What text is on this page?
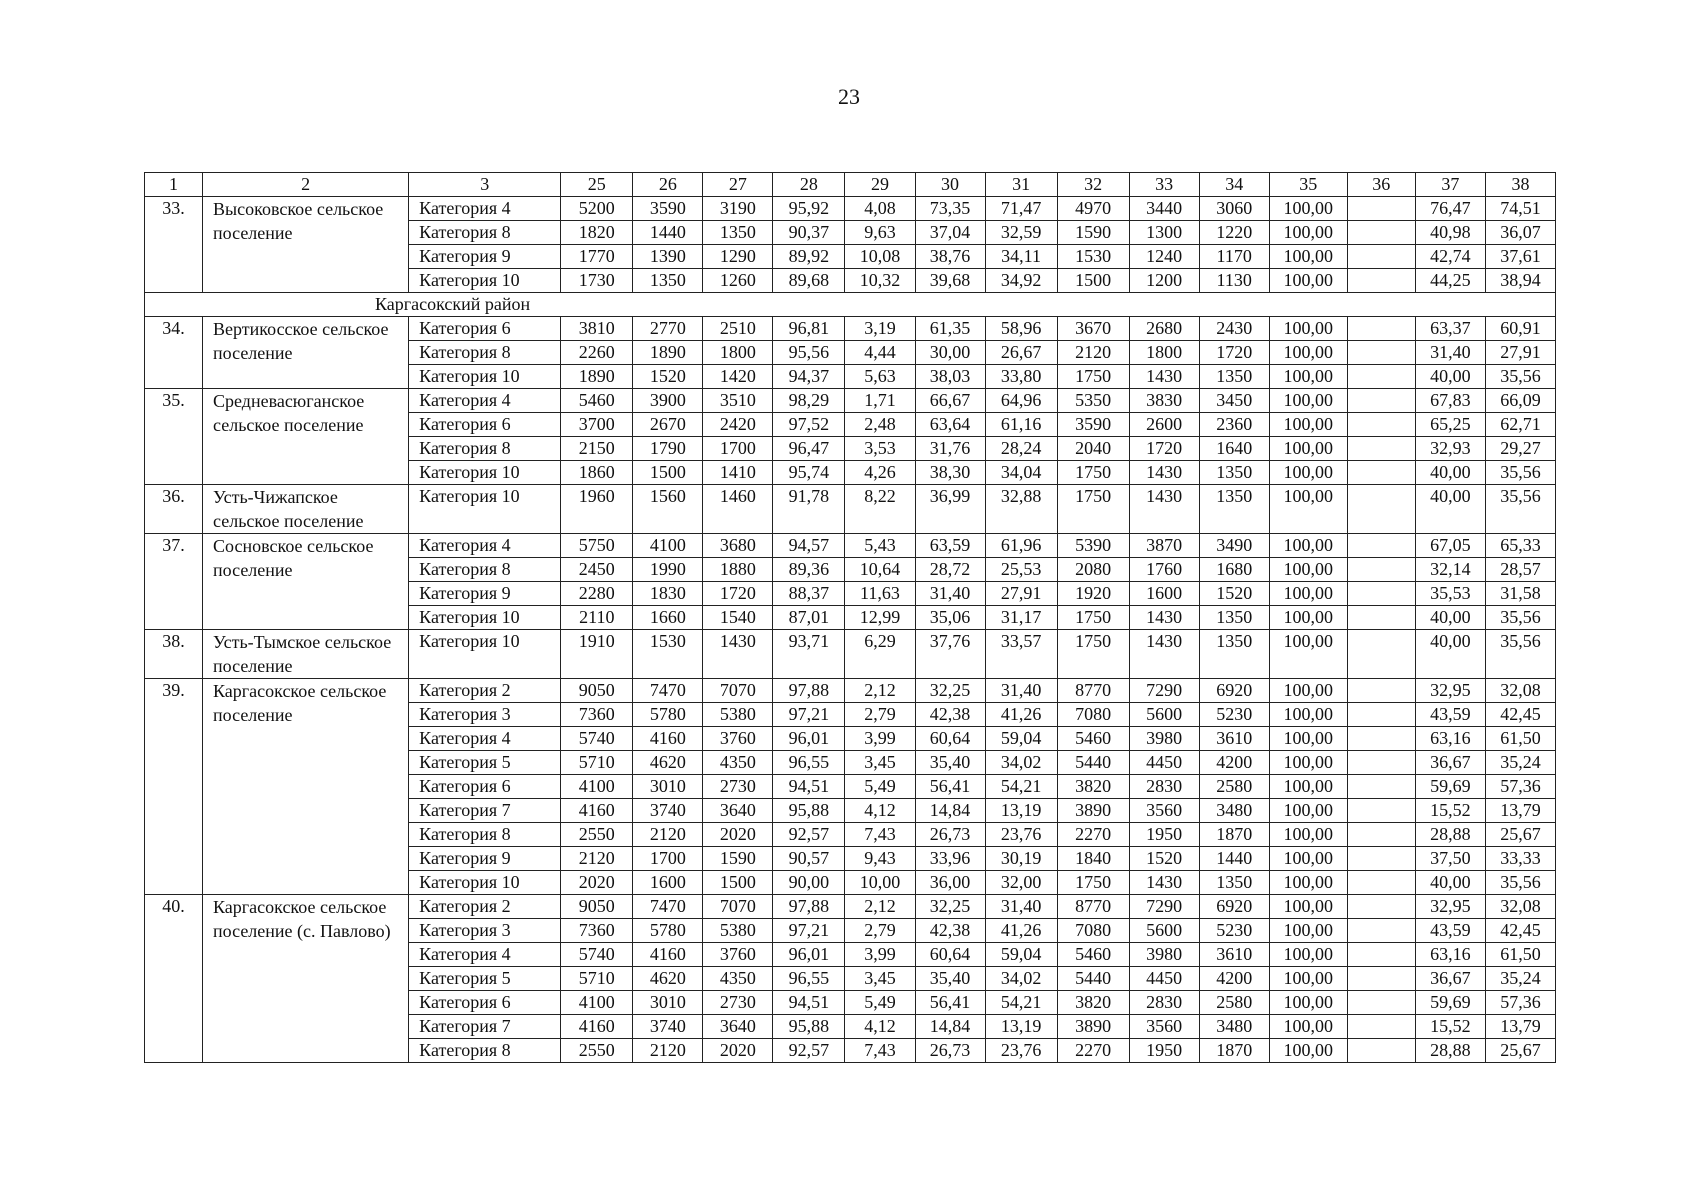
23
1	2	3	25	26	27	28	29	30	31	32	33	34	35	36	37	38
33.	Высоковское сельское поселение	Категория 4	5200	3590	3190	95,92	4,08	73,35	71,47	4970	3440	3060	100,00		76,47	74,51
		Категория 8	1820	1440	1350	90,37	9,63	37,04	32,59	1590	1300	1220	100,00		40,98	36,07
		Категория 9	1770	1390	1290	89,92	10,08	38,76	34,11	1530	1240	1170	100,00		42,74	37,61
		Категория 10	1730	1350	1260	89,68	10,32	39,68	34,92	1500	1200	1130	100,00		44,25	38,94
Каргасокский район																
34.	Вертикосское сельское поселение	Категория 6	3810	2770	2510	96,81	3,19	61,35	58,96	3670	2680	2430	100,00		63,37	60,91
		Категория 8	2260	1890	1800	95,56	4,44	30,00	26,67	2120	1800	1720	100,00		31,40	27,91
		Категория 10	1890	1520	1420	94,37	5,63	38,03	33,80	1750	1430	1350	100,00		40,00	35,56
35.	Средневасюганское сельское поселение	Категория 4	5460	3900	3510	98,29	1,71	66,67	64,96	5350	3830	3450	100,00		67,83	66,09
		Категория 6	3700	2670	2420	97,52	2,48	63,64	61,16	3590	2600	2360	100,00		65,25	62,71
		Категория 8	2150	1790	1700	96,47	3,53	31,76	28,24	2040	1720	1640	100,00		32,93	29,27
		Категория 10	1860	1500	1410	95,74	4,26	38,30	34,04	1750	1430	1350	100,00		40,00	35,56
36.	Усть-Чижапское сельское поселение	Категория 10	1960	1560	1460	91,78	8,22	36,99	32,88	1750	1430	1350	100,00		40,00	35,56
37.	Сосновское сельское поселение	Категория 4	5750	4100	3680	94,57	5,43	63,59	61,96	5390	3870	3490	100,00		67,05	65,33
		Категория 8	2450	1990	1880	89,36	10,64	28,72	25,53	2080	1760	1680	100,00		32,14	28,57
		Категория 9	2280	1830	1720	88,37	11,63	31,40	27,91	1920	1600	1520	100,00		35,53	31,58
		Категория 10	2110	1660	1540	87,01	12,99	35,06	31,17	1750	1430	1350	100,00		40,00	35,56
38.	Усть-Тымское сельское поселение	Категория 10	1910	1530	1430	93,71	6,29	37,76	33,57	1750	1430	1350	100,00		40,00	35,56
39.	Каргасокское сельское поселение	Категория 2	9050	7470	7070	97,88	2,12	32,25	31,40	8770	7290	6920	100,00		32,95	32,08
		Категория 3	7360	5780	5380	97,21	2,79	42,38	41,26	7080	5600	5230	100,00		43,59	42,45
		Категория 4	5740	4160	3760	96,01	3,99	60,64	59,04	5460	3980	3610	100,00		63,16	61,50
		Категория 5	5710	4620	4350	96,55	3,45	35,40	34,02	5440	4450	4200	100,00		36,67	35,24
		Категория 6	4100	3010	2730	94,51	5,49	56,41	54,21	3820	2830	2580	100,00		59,69	57,36
		Категория 7	4160	3740	3640	95,88	4,12	14,84	13,19	3890	3560	3480	100,00		15,52	13,79
		Категория 8	2550	2120	2020	92,57	7,43	26,73	23,76	2270	1950	1870	100,00		28,88	25,67
		Категория 9	2120	1700	1590	90,57	9,43	33,96	30,19	1840	1520	1440	100,00		37,50	33,33
		Категория 10	2020	1600	1500	90,00	10,00	36,00	32,00	1750	1430	1350	100,00		40,00	35,56
40.	Каргасокское сельское поселение (с. Павлово)	Категория 2	9050	7470	7070	97,88	2,12	32,25	31,40	8770	7290	6920	100,00		32,95	32,08
		Категория 3	7360	5780	5380	97,21	2,79	42,38	41,26	7080	5600	5230	100,00		43,59	42,45
		Категория 4	5740	4160	3760	96,01	3,99	60,64	59,04	5460	3980	3610	100,00		63,16	61,50
		Категория 5	5710	4620	4350	96,55	3,45	35,40	34,02	5440	4450	4200	100,00		36,67	35,24
		Категория 6	4100	3010	2730	94,51	5,49	56,41	54,21	3820	2830	2580	100,00		59,69	57,36
		Категория 7	4160	3740	3640	95,88	4,12	14,84	13,19	3890	3560	3480	100,00		15,52	13,79
		Категория 8	2550	2120	2020	92,57	7,43	26,73	23,76	2270	1950	1870	100,00		28,88	25,67
